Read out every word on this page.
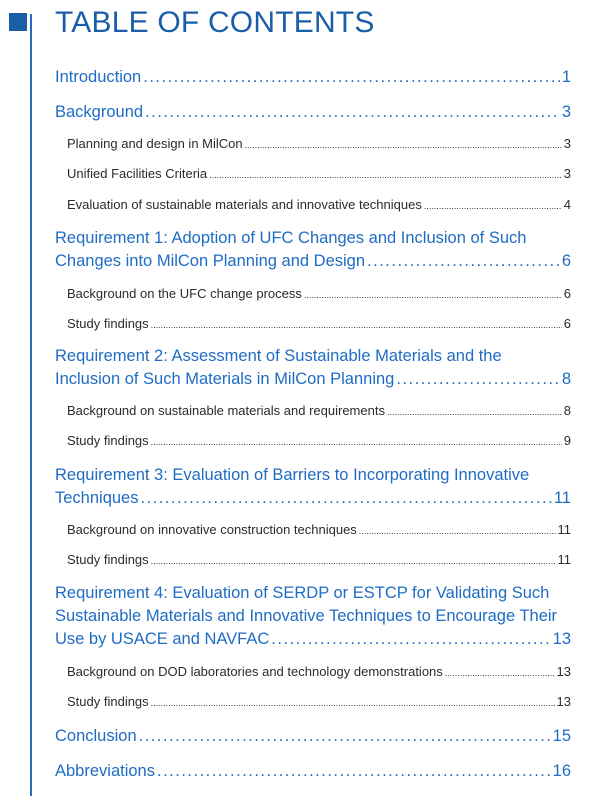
TABLE OF CONTENTS
Introduction .....	1
Background .....	3
Planning and design in MilCon .....	3
Unified Facilities Criteria .....	3
Evaluation of sustainable materials and innovative techniques .....	4
Requirement 1: Adoption of UFC Changes and Inclusion of Such
Changes into MilCon Planning and Design .....	6
Background on the UFC change process .....	6
Study findings .....	6
Requirement 2: Assessment of Sustainable Materials and the
Inclusion of Such Materials in MilCon Planning .....	8
Background on sustainable materials and requirements .....	8
Study findings .....	9
Requirement 3: Evaluation of Barriers to Incorporating Innovative
Techniques .....	11
Background on innovative construction techniques .....	11
Study findings .....	11
Requirement 4: Evaluation of SERDP or ESTCP for Validating Such
Sustainable Materials and Innovative Techniques to Encourage Their
Use by USACE and NAVFAC .....	13
Background on DOD laboratories and technology demonstrations .....	13
Study findings .....	13
Conclusion .....	15
Abbreviations .....	16
